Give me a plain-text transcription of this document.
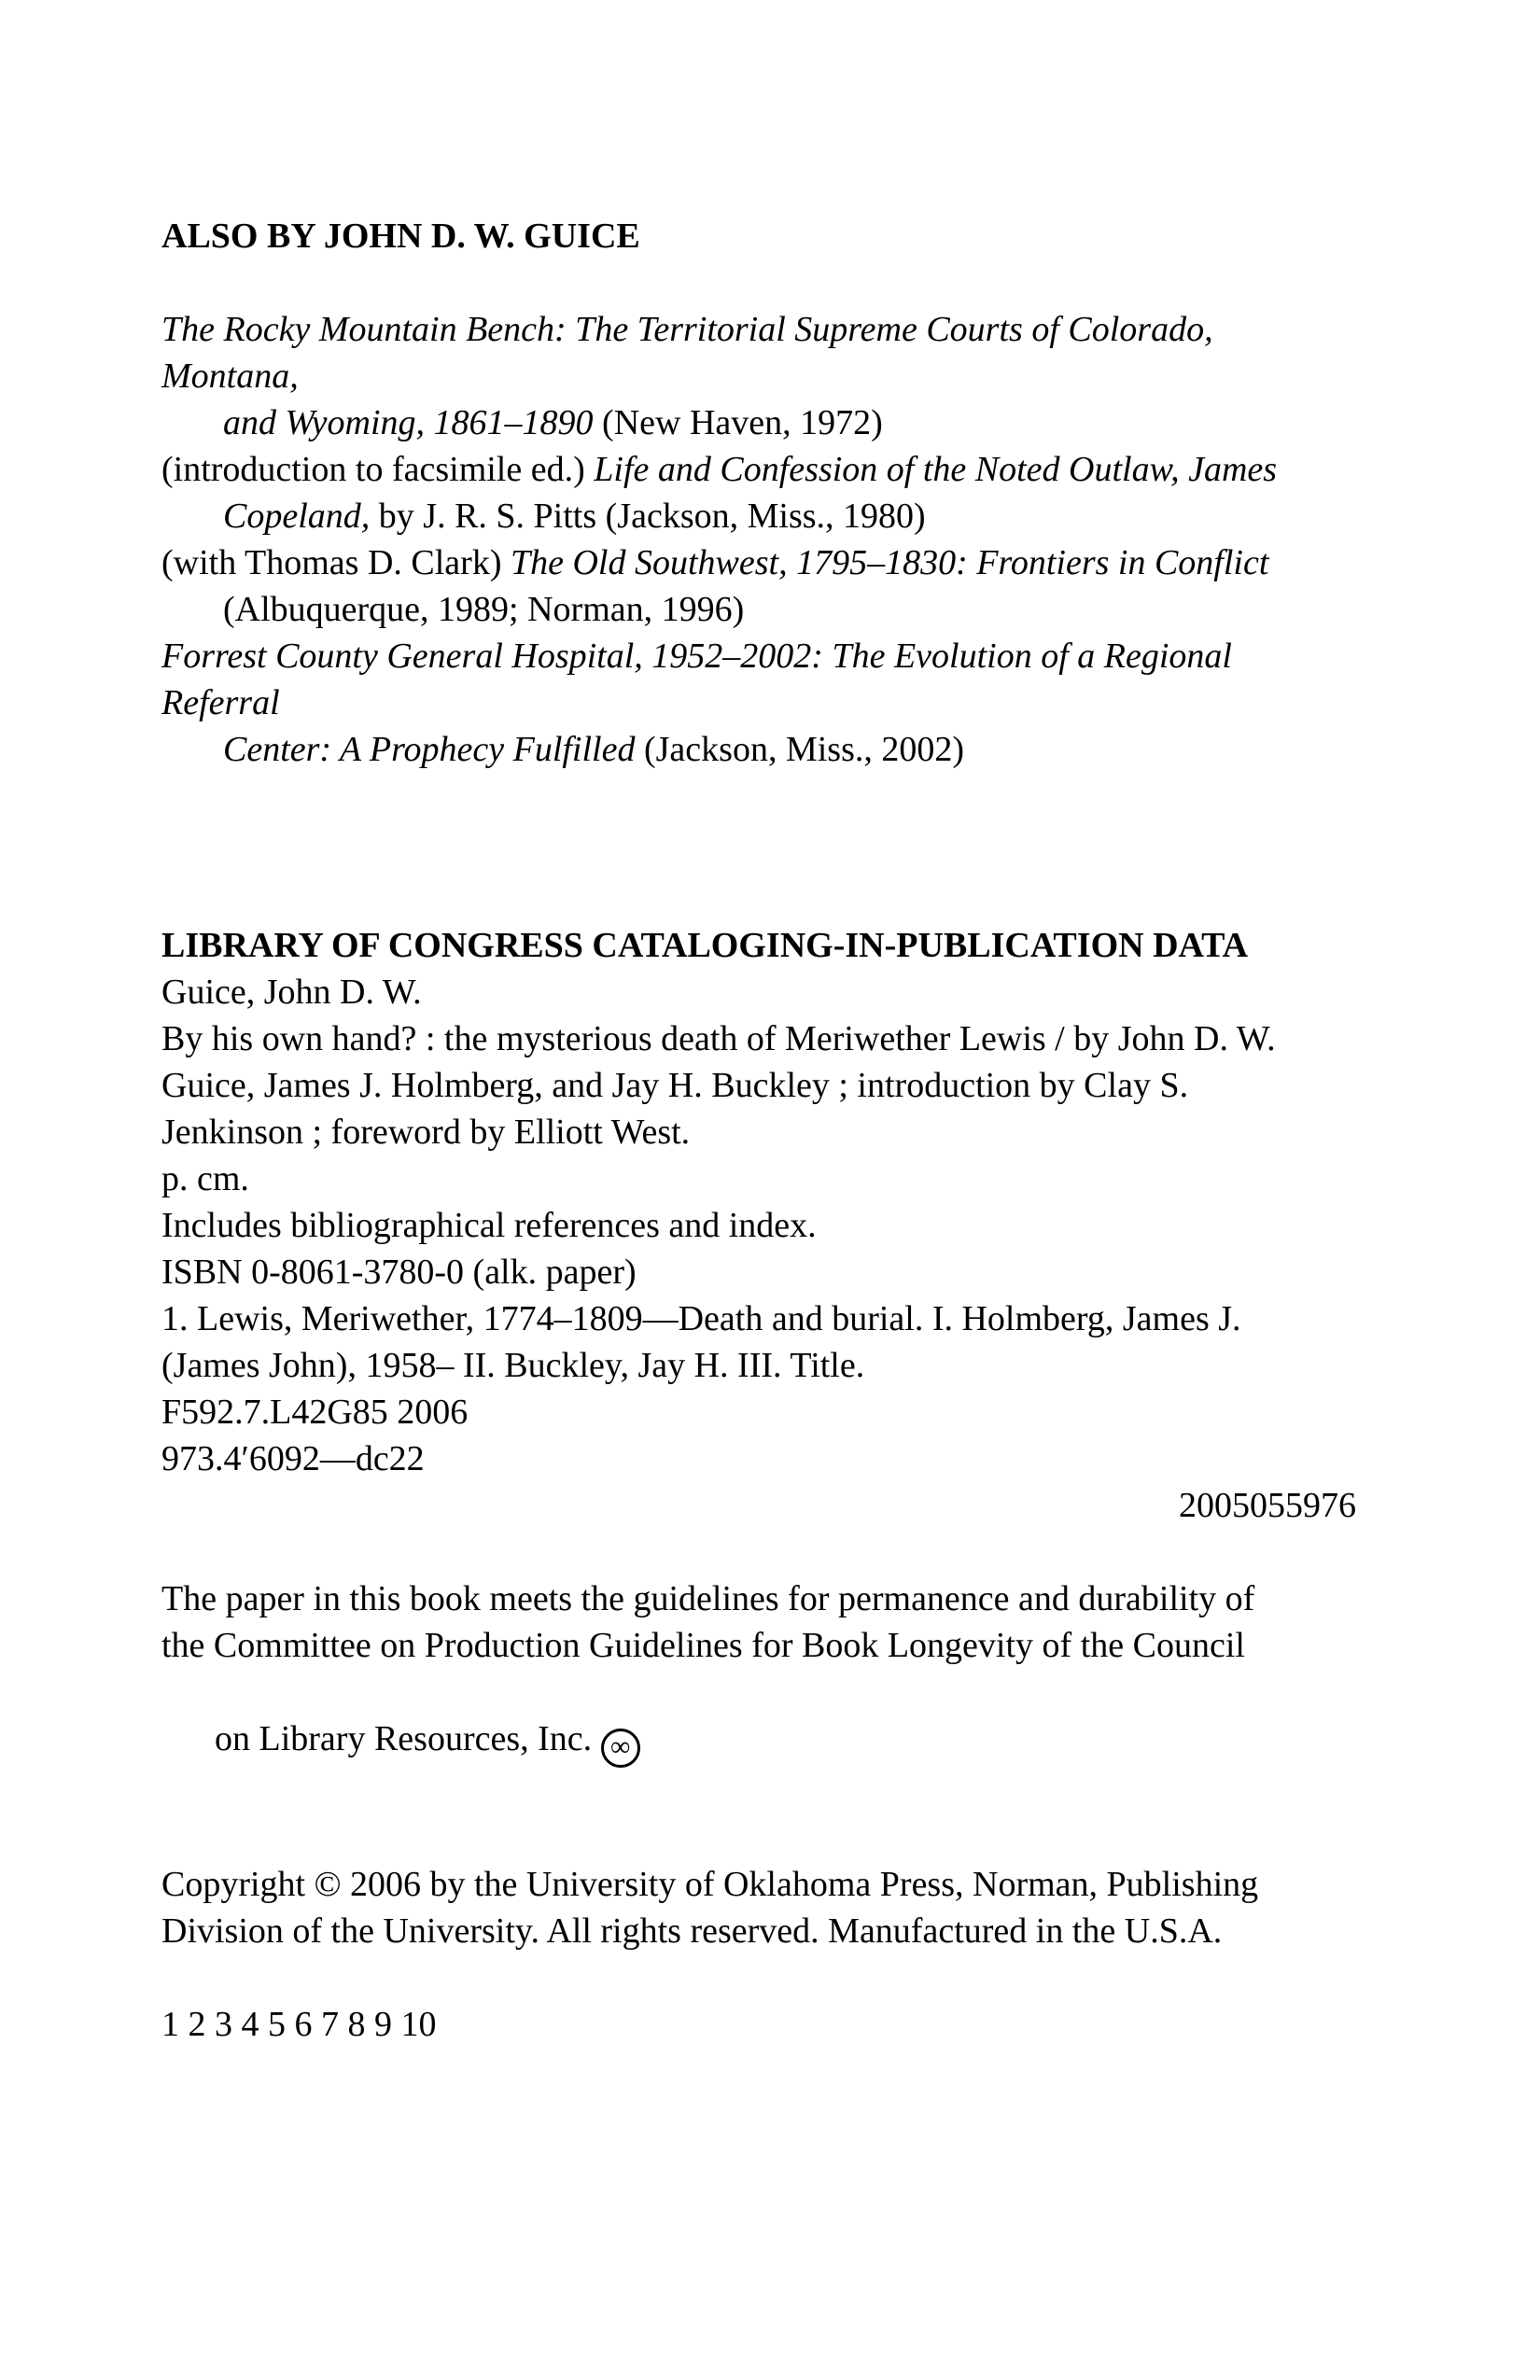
ALSO BY JOHN D. W. GUICE
The Rocky Mountain Bench: The Territorial Supreme Courts of Colorado, Montana,
and Wyoming, 1861–1890 (New Haven, 1972)
(introduction to facsimile ed.) Life and Confession of the Noted Outlaw, James
Copeland, by J. R. S. Pitts (Jackson, Miss., 1980)
(with Thomas D. Clark) The Old Southwest, 1795–1830: Frontiers in Conflict
(Albuquerque, 1989; Norman, 1996)
Forrest County General Hospital, 1952–2002: The Evolution of a Regional Referral
Center: A Prophecy Fulfilled (Jackson, Miss., 2002)
LIBRARY OF CONGRESS CATALOGING-IN-PUBLICATION DATA
Guice, John D. W.
By his own hand? : the mysterious death of Meriwether Lewis / by John D. W.
Guice, James J. Holmberg, and Jay H. Buckley ; introduction by Clay S.
Jenkinson ; foreword by Elliott West.
p. cm.
Includes bibliographical references and index.
ISBN 0-8061-3780-0 (alk. paper)
1. Lewis, Meriwether, 1774–1809—Death and burial. I. Holmberg, James J.
(James John), 1958– II. Buckley, Jay H. III. Title.
F592.7.L42G85 2006
973.4′6092—dc22
2005055976
The paper in this book meets the guidelines for permanence and durability of
the Committee on Production Guidelines for Book Longevity of the Council

on Library Resources, Inc. ∞

Copyright © 2006 by the University of Oklahoma Press, Norman, Publishing
Division of the University. All rights reserved. Manufactured in the U.S.A.
1 2 3 4 5 6 7 8 9 10
